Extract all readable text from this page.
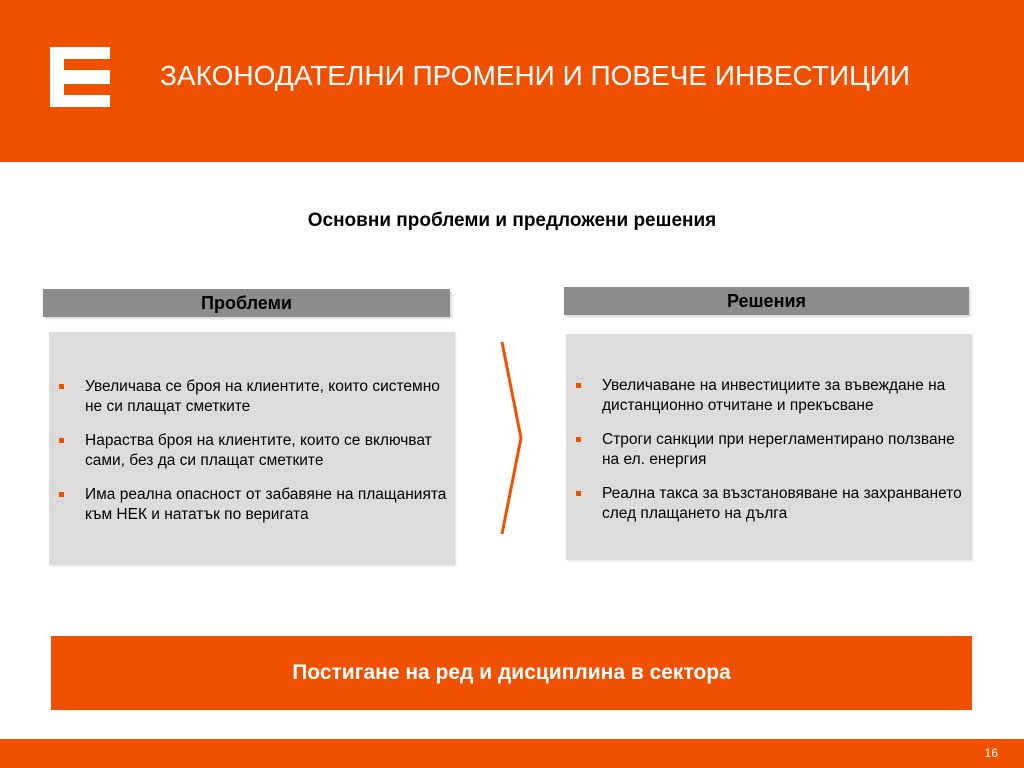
ЗАКОНОДАТЕЛНИ ПРОМЕНИ И ПОВЕЧЕ ИНВЕСТИЦИИ
Основни проблеми и предложени решения
Проблеми	Решения
Увеличава се броя на клиентите, които системно не си плащат сметките
Нараства броя на клиентите, които се включват сами, без да си плащат сметките
Има реална опасност от забавяне на плащанията към НЕК и нататък по веригата
Увеличаване на инвестициите за въвеждане на дистанционно отчитане и прекъсване
Строги санкции при нерегламентирано ползване на ел. енергия
Реална такса за възстановяване на захранването след плащането на дълга
Постигане на ред и дисциплина в сектора
16
